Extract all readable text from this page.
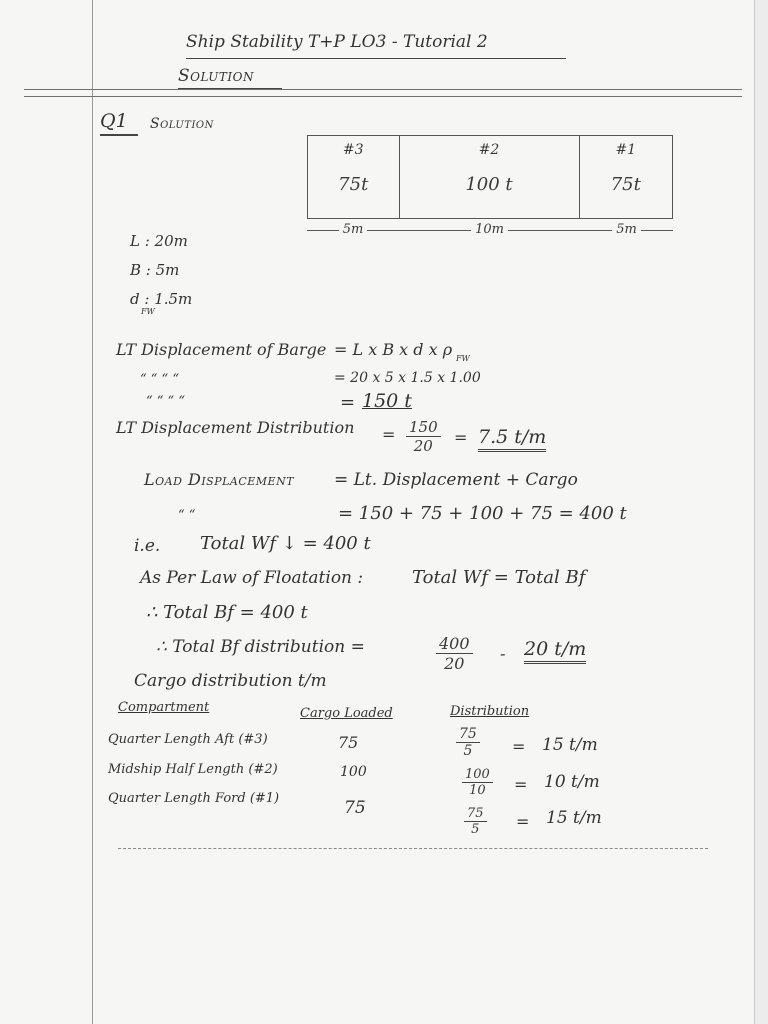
Ship Stability T+P LO3 - Tutorial 2
Solution
Q1 Solution
#3
75t
#2
100 t
#1
75t
5m	10m	5m
L : 20m
B : 5m
d : 1.5m
FW
LT Displacement of Barge = L x B x d x ρ FW
“ “ “ “	= 20 x 5 x 1.5 x 1.00
“ “ “ “	= 150 t
LT Displacement Distribution = $\frac{150}{20} = 7.5$ t/m
Load Displacement = Lt. Displacement + Cargo
“ “	= 150 + 75 + 100 + 75 = 400 t
i.e. Total Wf ↓ = 400 t
As Per Law of Floatation :	Total Wf = Total Bf
∴ Total Bf = 400 t
∴ Total Bf distribution =	$\frac{400}{20} - 20$ t/m
Cargo distribution t/m
Compartment	Cargo Loaded	Distribution
Quarter Length Aft (#3)	75	$\frac{75}{5} = 15$ t/m
Midship Half Length (#2)	100	$\frac{100}{10} = 10$ t/m
Quarter Length Ford (#1)	75	$\frac{75}{5} = 15$ t/m
